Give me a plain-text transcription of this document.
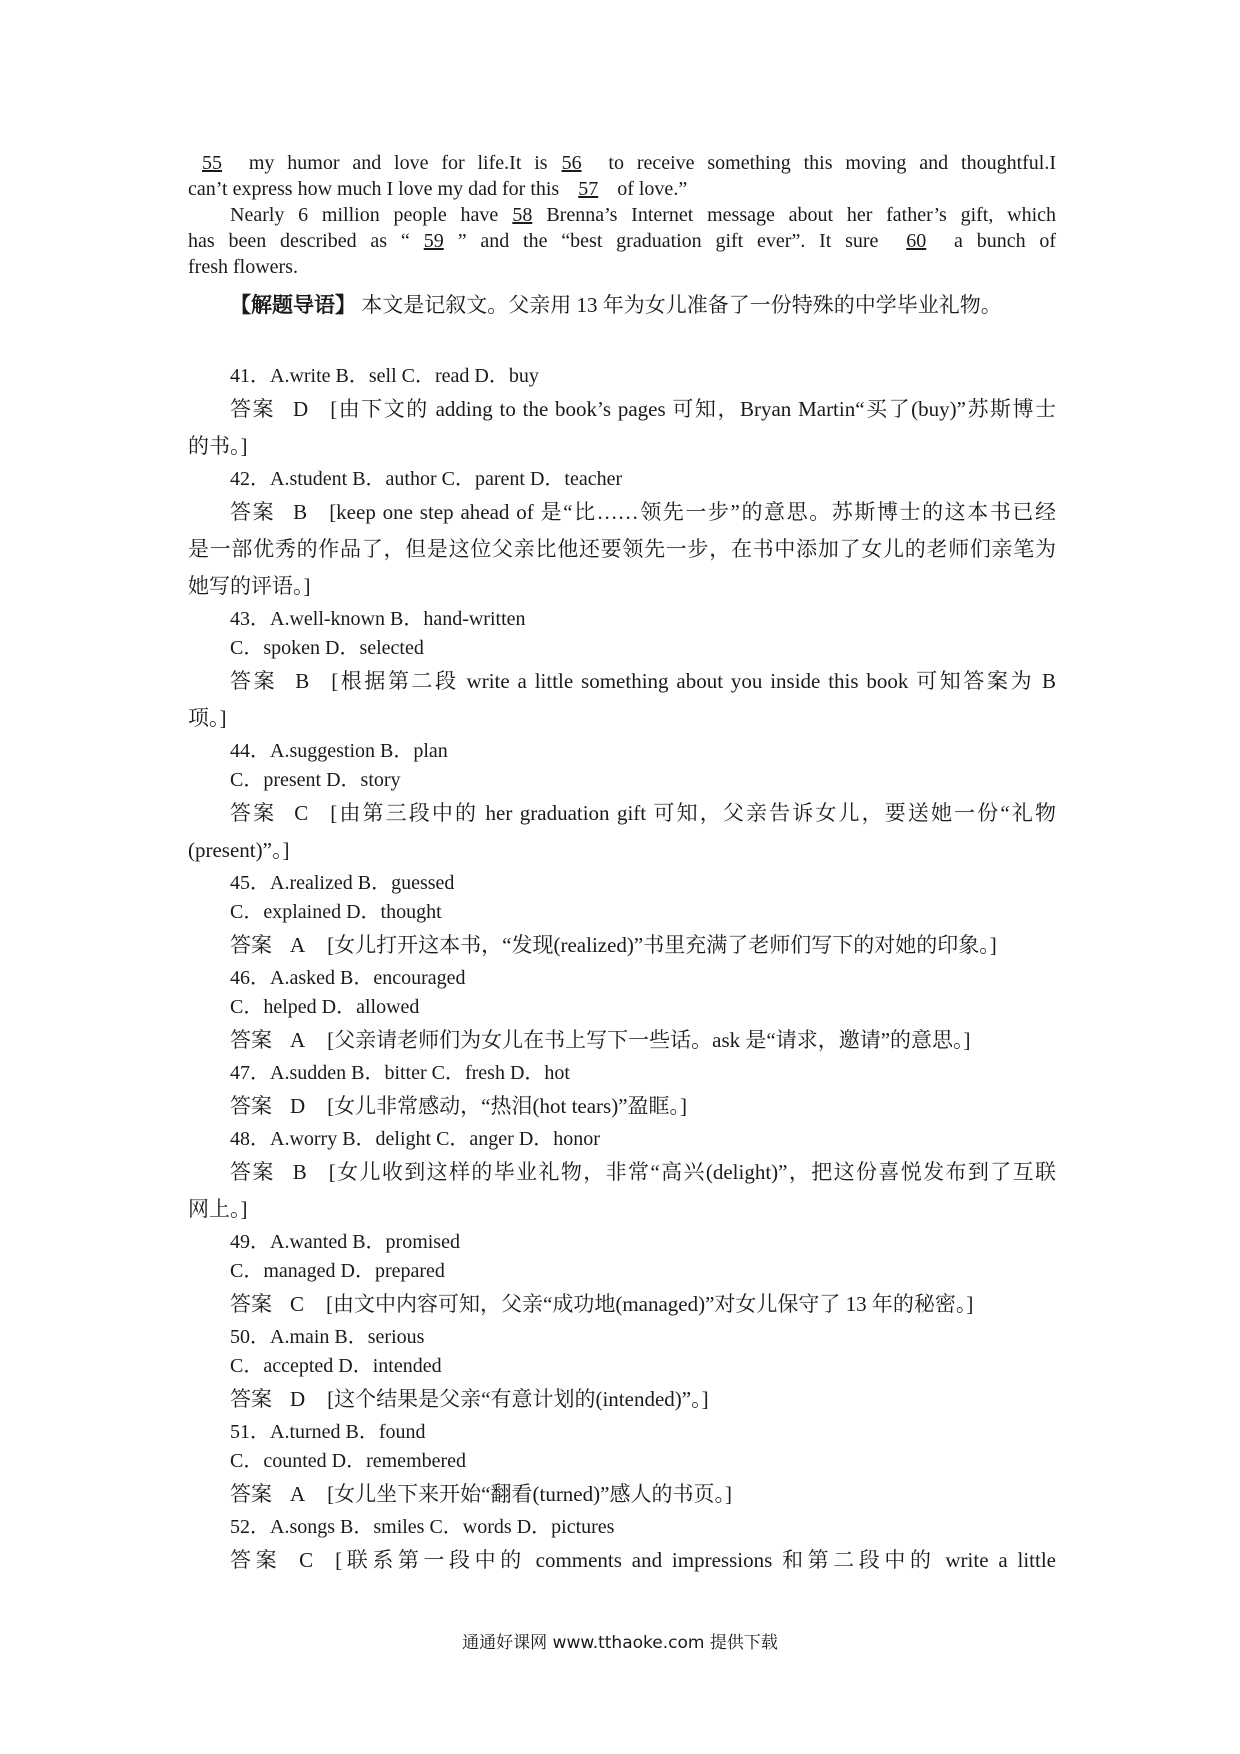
55 my humor and love for life.It is 56 to receive something this moving and thoughtful.I
can’t express how much I love my dad for this 57 of love.”
Nearly 6 million people have 58 Brenna’s Internet message about her father’s gift, which
has been described as “ 59 ” and the “best graduation gift ever”. It sure 60 a bunch of
fresh flowers.
【解题导语】 本文是记叙文。父亲用 13 年为女儿准备了一份特殊的中学毕业礼物。
41．A.write B．sell C．read D．buy
答案 D [由下文的 adding to the book’s pages 可知，Bryan Martin“买了(buy)”苏斯博士
的书。]
42．A.student B．author C．parent D．teacher
答案 B [keep one step ahead of 是“比……领先一步”的意思。苏斯博士的这本书已经
是一部优秀的作品了，但是这位父亲比他还要领先一步，在书中添加了女儿的老师们亲笔为
她写的评语。]
43．A.well-known B．hand-written
C．spoken D．selected
答案 B [根据第二段 write a little something about you inside this book 可知答案为 B
项。]
44．A.suggestion B．plan
C．present D．story
答案 C [由第三段中的 her graduation gift 可知，父亲告诉女儿，要送她一份“礼物
(present)”。]
45．A.realized B．guessed
C．explained D．thought
答案 A [女儿打开这本书，“发现(realized)”书里充满了老师们写下的对她的印象。]
46．A.asked B．encouraged
C．helped D．allowed
答案 A [父亲请老师们为女儿在书上写下一些话。ask 是“请求，邀请”的意思。]
47．A.sudden B．bitter C．fresh D．hot
答案 D [女儿非常感动，“热泪(hot tears)”盈眶。]
48．A.worry B．delight C．anger D．honor
答案 B [女儿收到这样的毕业礼物，非常“高兴(delight)”，把这份喜悦发布到了互联
网上。]
49．A.wanted B．promised
C．managed D．prepared
答案 C [由文中内容可知，父亲“成功地(managed)”对女儿保守了 13 年的秘密。]
50．A.main B．serious
C．accepted D．intended
答案 D [这个结果是父亲“有意计划的(intended)”。]
51．A.turned B．found
C．counted D．remembered
答案 A [女儿坐下来开始“翻看(turned)”感人的书页。]
52．A.songs B．smiles C．words D．pictures
答案 C [联系第一段中的 comments and impressions 和第二段中的 write a little
通通好课网 www.tthaoke.com 提供下载
